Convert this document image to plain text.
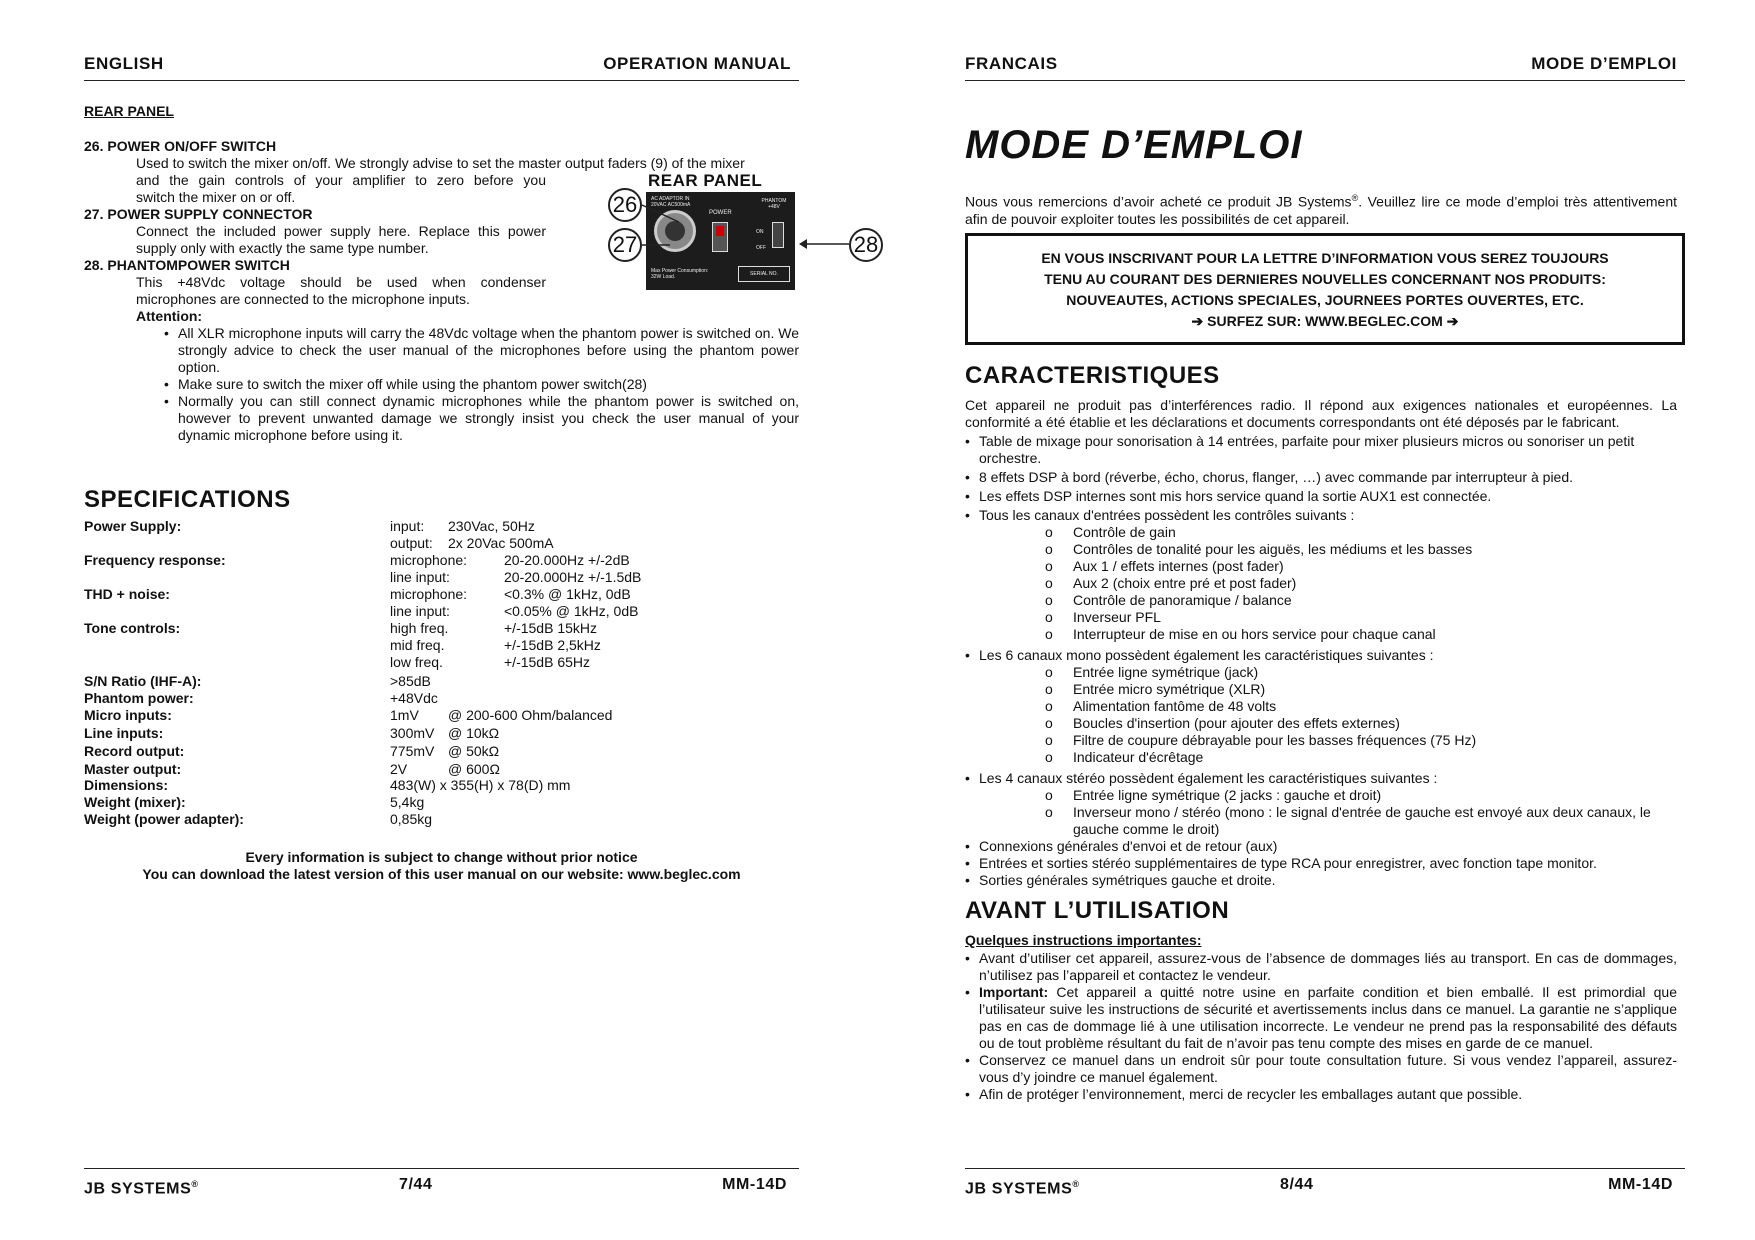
ENGLISH	OPERATION MANUAL
REAR PANEL
26. POWER ON/OFF SWITCH
Used to switch the mixer on/off. We strongly advise to set the master output faders (9) of the mixer
and the gain controls of your amplifier to zero before you
switch the mixer on or off.
27. POWER SUPPLY CONNECTOR
Connect the included power supply here. Replace this power
supply only with exactly the same type number.
28. PHANTOMPOWER SWITCH
This +48Vdc voltage should be used when condenser
microphones are connected to the microphone inputs.
Attention:
• All XLR microphone inputs will carry the 48Vdc voltage when the phantom power is switched on. We strongly advice to check the user manual of the microphones before using the phantom power option.
• Make sure to switch the mixer off while using the phantom power switch(28)
• Normally you can still connect dynamic microphones while the phantom power is switched on, however to prevent unwanted damage we strongly insist you check the user manual of your dynamic microphone before using it.
REAR PANEL
AC ADAPTOR IN 20VAC AC500mA
POWER
PHANTOM +48V
ON
OFF
Max Power Consumption: 32W Load.	SERIAL NO.
26
27	28
SPECIFICATIONS
Power Supply:	input: 230Vac, 50Hz
output: 2x 20Vac 500mA
Frequency response:	microphone:	20-20.000Hz +/-2dB
line input:	20-20.000Hz +/-1.5dB
THD + noise:	microphone:	<0.3% @ 1kHz, 0dB
line input:	<0.05% @ 1kHz, 0dB
Tone controls:	high freq.	+/-15dB 15kHz
mid freq.	+/-15dB 2,5kHz
low freq.	+/-15dB 65Hz
S/N Ratio (IHF-A):	>85dB
Phantom power:	+48Vdc
Micro inputs:	1mV @ 200-600 Ohm/balanced
Line inputs:	300mV @ 10kΩ
Record output:	775mV @ 50kΩ
Master output:	2V	@ 600Ω
Dimensions:	483(W) x 355(H) x 78(D) mm
Weight (mixer):	5,4kg
Weight (power adapter):	0,85kg
Every information is subject to change without prior notice
You can download the latest version of this user manual on our website: www.beglec.com
JB SYSTEMS®	7/44	MM-14D
FRANCAIS	MODE D’EMPLOI
MODE D’EMPLOI
Nous vous remercions d’avoir acheté ce produit JB Systems®. Veuillez lire ce mode d’emploi très attentivement afin de pouvoir exploiter toutes les possibilités de cet appareil.
EN VOUS INSCRIVANT POUR LA LETTRE D’INFORMATION VOUS SEREZ TOUJOURS
TENU AU COURANT DES DERNIERES NOUVELLES CONCERNANT NOS PRODUITS:
NOUVEAUTES, ACTIONS SPECIALES, JOURNEES PORTES OUVERTES, ETC.
➔ SURFEZ SUR: WWW.BEGLEC.COM ➔
CARACTERISTIQUES
Cet appareil ne produit pas d’interférences radio. Il répond aux exigences nationales et européennes. La conformité a été établie et les déclarations et documents correspondants ont été déposés par le fabricant.
• Table de mixage pour sonorisation à 14 entrées, parfaite pour mixer plusieurs micros ou sonoriser un petit orchestre.
• 8 effets DSP à bord (réverbe, écho, chorus, flanger, …) avec commande par interrupteur à pied.
• Les effets DSP internes sont mis hors service quand la sortie AUX1 est connectée.
• Tous les canaux d'entrées possèdent les contrôles suivants :
o Contrôle de gain
o Contrôles de tonalité pour les aiguës, les médiums et les basses
o Aux 1 / effets internes (post fader)
o Aux 2 (choix entre pré et post fader)
o Contrôle de panoramique / balance
o Inverseur PFL
o Interrupteur de mise en ou hors service pour chaque canal
• Les 6 canaux mono possèdent également les caractéristiques suivantes :
o Entrée ligne symétrique (jack)
o Entrée micro symétrique (XLR)
o Alimentation fantôme de 48 volts
o Boucles d'insertion (pour ajouter des effets externes)
o Filtre de coupure débrayable pour les basses fréquences (75 Hz)
o Indicateur d'écrêtage
• Les 4 canaux stéréo possèdent également les caractéristiques suivantes :
o Entrée ligne symétrique (2 jacks : gauche et droit)
o Inverseur mono / stéréo (mono : le signal d'entrée de gauche est envoyé aux deux canaux, le gauche comme le droit)
• Connexions générales d'envoi et de retour (aux)
• Entrées et sorties stéréo supplémentaires de type RCA pour enregistrer, avec fonction tape monitor.
• Sorties générales symétriques gauche et droite.
AVANT L’UTILISATION
Quelques instructions importantes:
• Avant d’utiliser cet appareil, assurez-vous de l’absence de dommages liés au transport. En cas de dommages, n’utilisez pas l’appareil et contactez le vendeur.
• Important: Cet appareil a quitté notre usine en parfaite condition et bien emballé. Il est primordial que l’utilisateur suive les instructions de sécurité et avertissements inclus dans ce manuel. La garantie ne s’applique pas en cas de dommage lié à une utilisation incorrecte. Le vendeur ne prend pas la responsabilité des défauts ou de tout problème résultant du fait de n’avoir pas tenu compte des mises en garde de ce manuel.
• Conservez ce manuel dans un endroit sûr pour toute consultation future. Si vous vendez l’appareil, assurez-vous d’y joindre ce manuel également.
• Afin de protéger l’environnement, merci de recycler les emballages autant que possible.
JB SYSTEMS®	8/44	MM-14D
